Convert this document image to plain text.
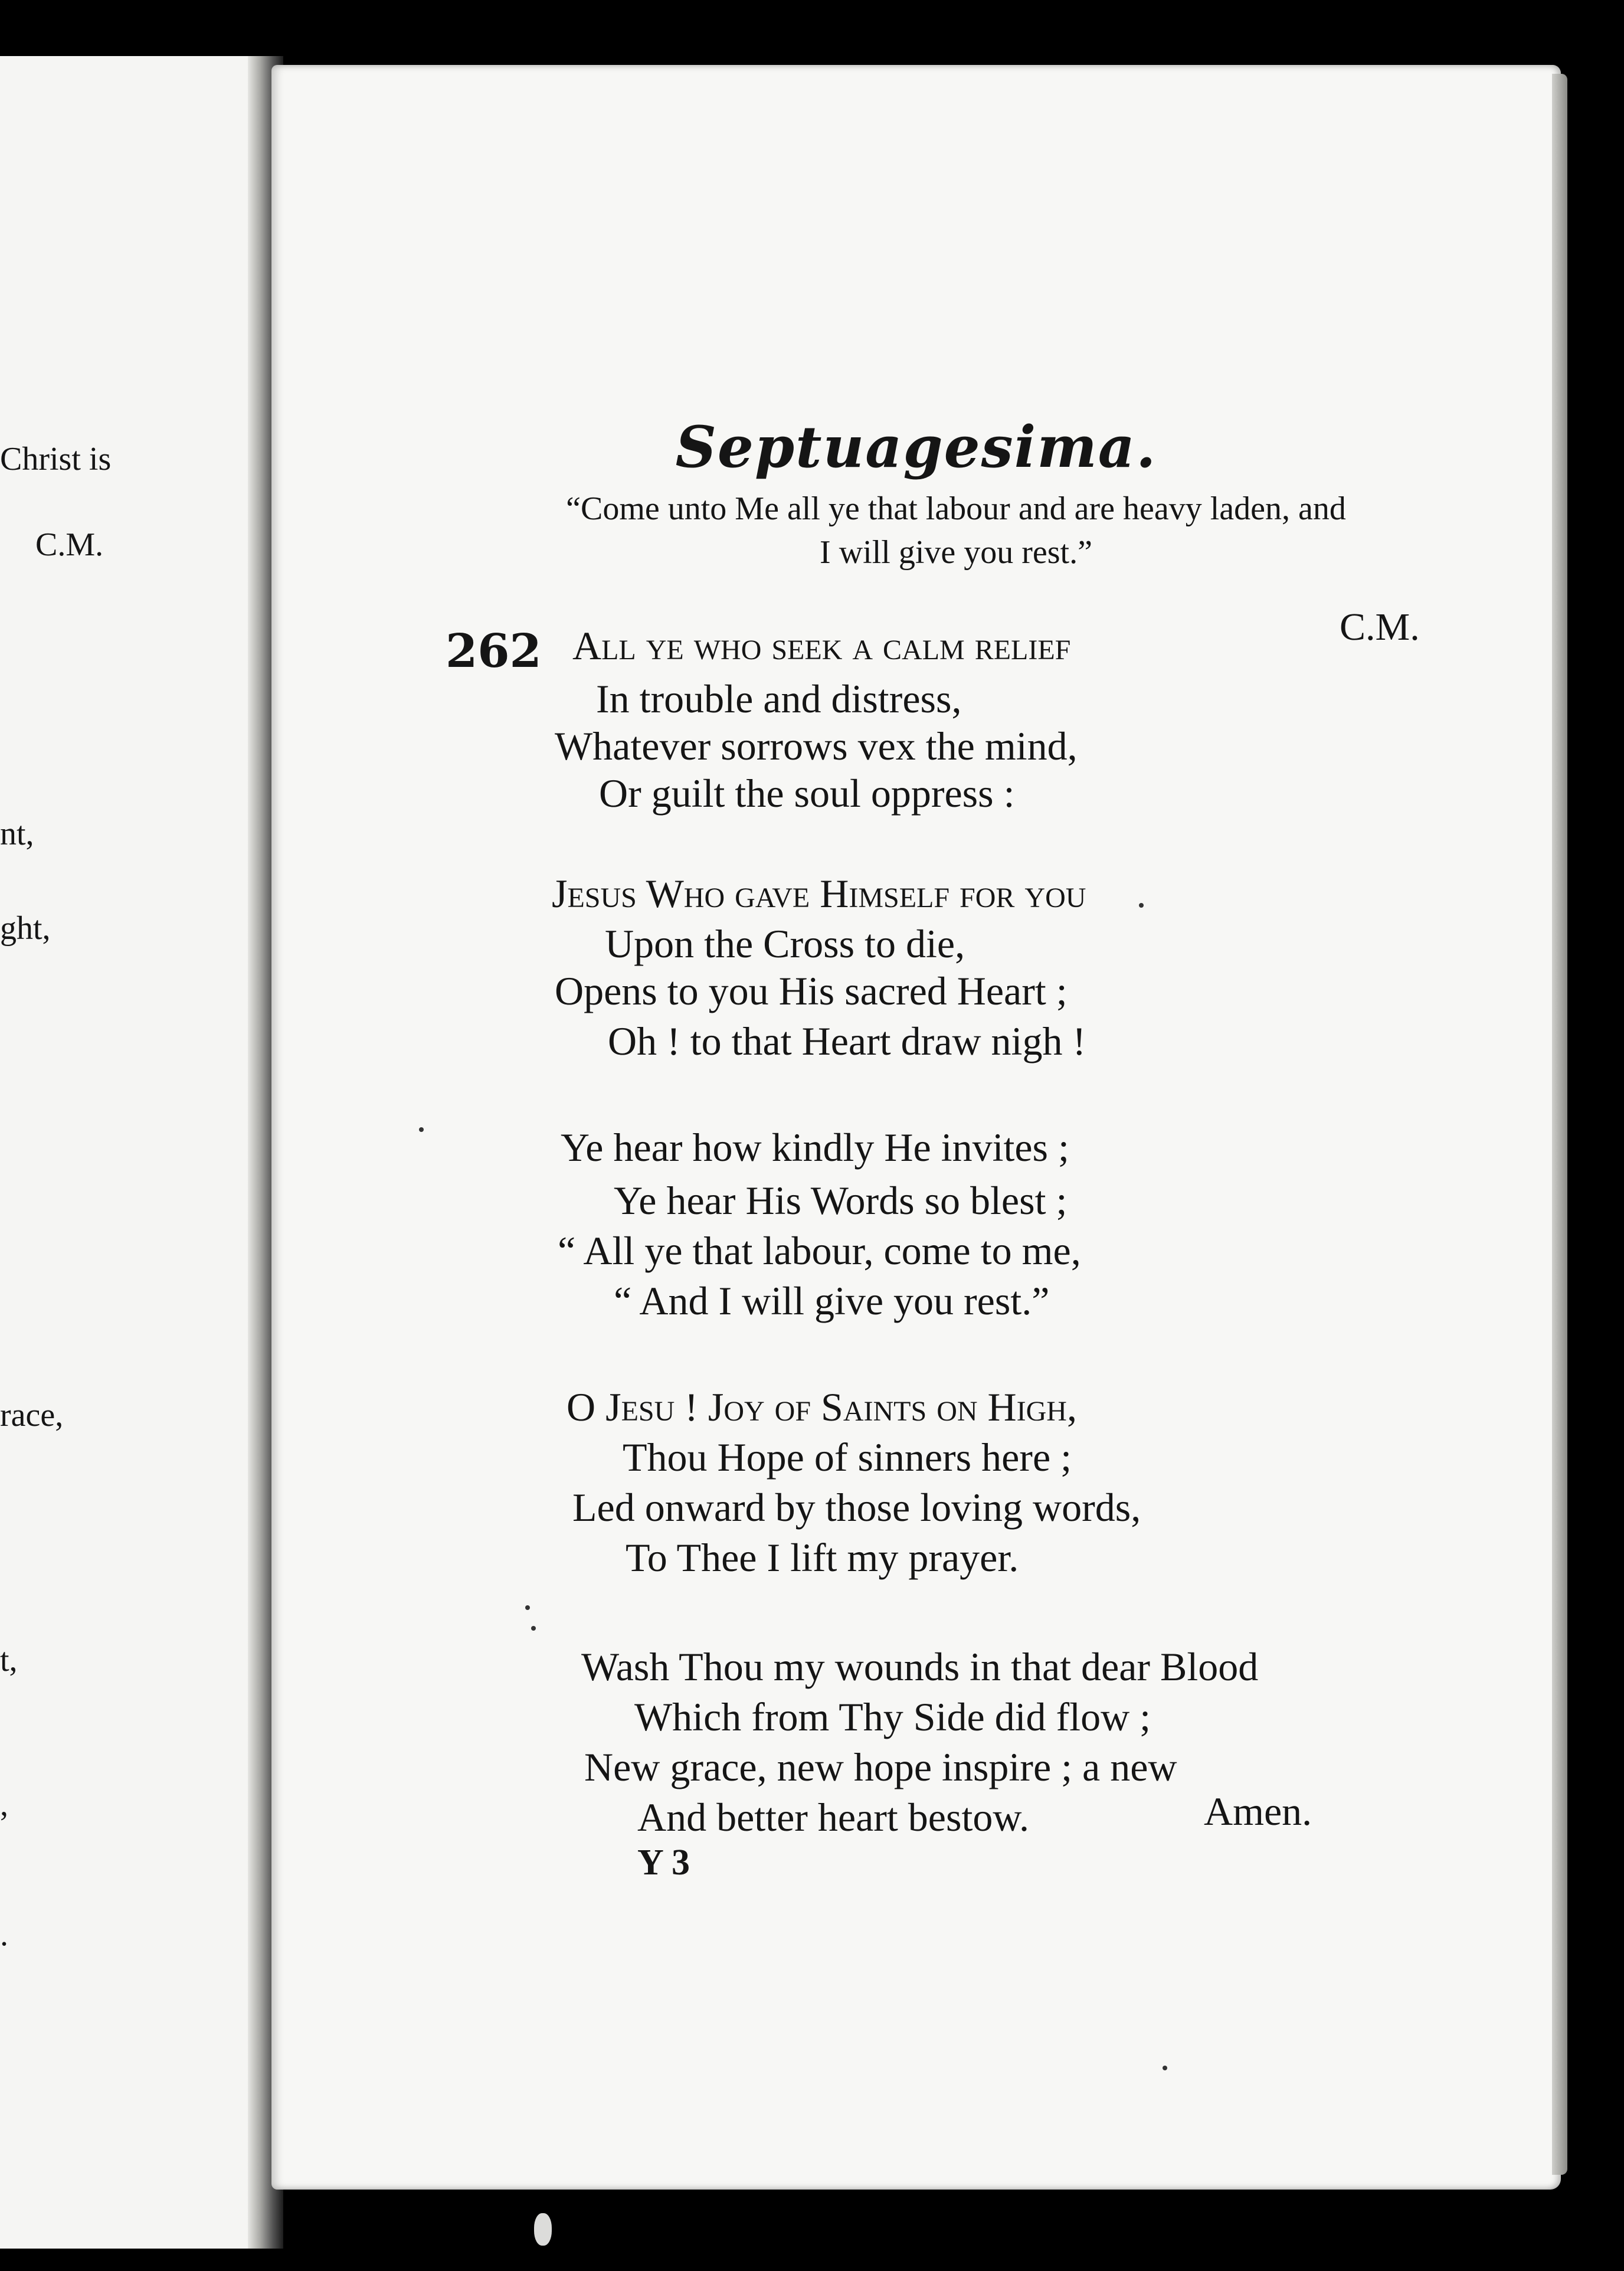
Christ is
C.M.
nt,
ght,
race,
t,
,
.
Septuagesima.
“Come unto Me all ye that labour and are heavy laden, and
I will give you rest.”
262	C.M.
All ye who seek a calm relief
In trouble and distress,
Whatever sorrows vex the mind,
Or guilt the soul oppress :
Jesus Who gave Himself for you
Upon the Cross to die,
Opens to you His sacred Heart ;
Oh ! to that Heart draw nigh !
Ye hear how kindly He invites ;
Ye hear His Words so blest ;
“ All ye that labour, come to me,
“ And I will give you rest.”
O Jesu ! Joy of Saints on High,
Thou Hope of sinners here ;
Led onward by those loving words,
To Thee I lift my prayer.
Wash Thou my wounds in that dear Blood
Which from Thy Side did flow ;
New grace, new hope inspire ; a new
And better heart bestow.	Amen.
Y 3
